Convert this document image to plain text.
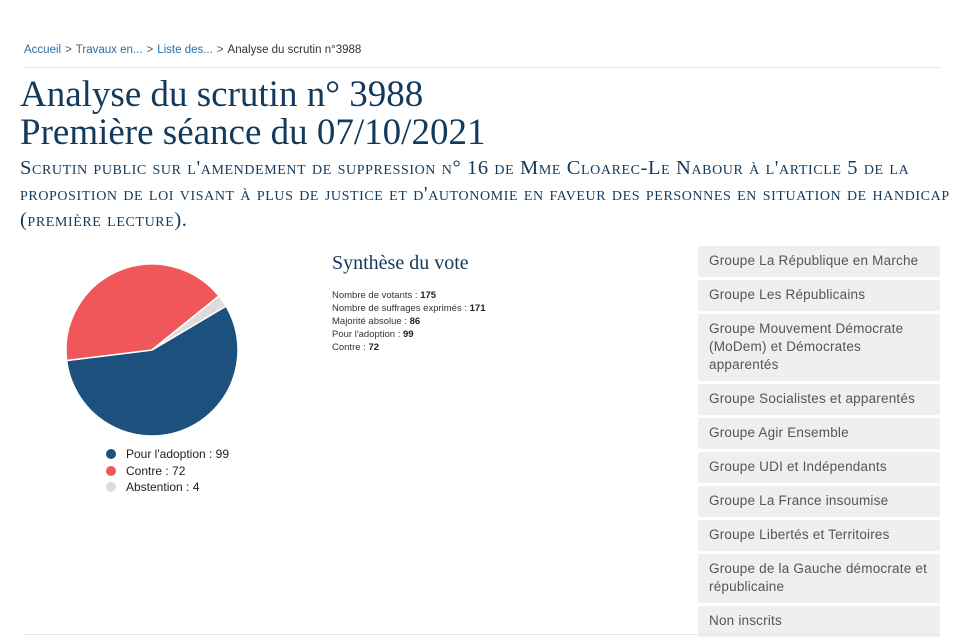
Accueil > Travaux en... > Liste des... > Analyse du scrutin n°3988
Analyse du scrutin n° 3988
Première séance du 07/10/2021
Scrutin public sur l'amendement de suppression n° 16 de Mme Cloarec-Le Nabour à l'article 5 de la proposition de loi visant à plus de justice et d'autonomie en faveur des personnes en situation de handicap (première lecture).
Pour l'adoption : 99
Contre : 72
Abstention : 4
Synthèse du vote
Nombre de votants : 175
Nombre de suffrages exprimés : 171
Majorité absolue : 86
Pour l'adoption : 99
Contre : 72
Groupe La République en Marche
Groupe Les Républicains
Groupe Mouvement Démocrate (MoDem) et Démocrates apparentés
Groupe Socialistes et apparentés
Groupe Agir Ensemble
Groupe UDI et Indépendants
Groupe La France insoumise
Groupe Libertés et Territoires
Groupe de la Gauche démocrate et républicaine
Non inscrits
